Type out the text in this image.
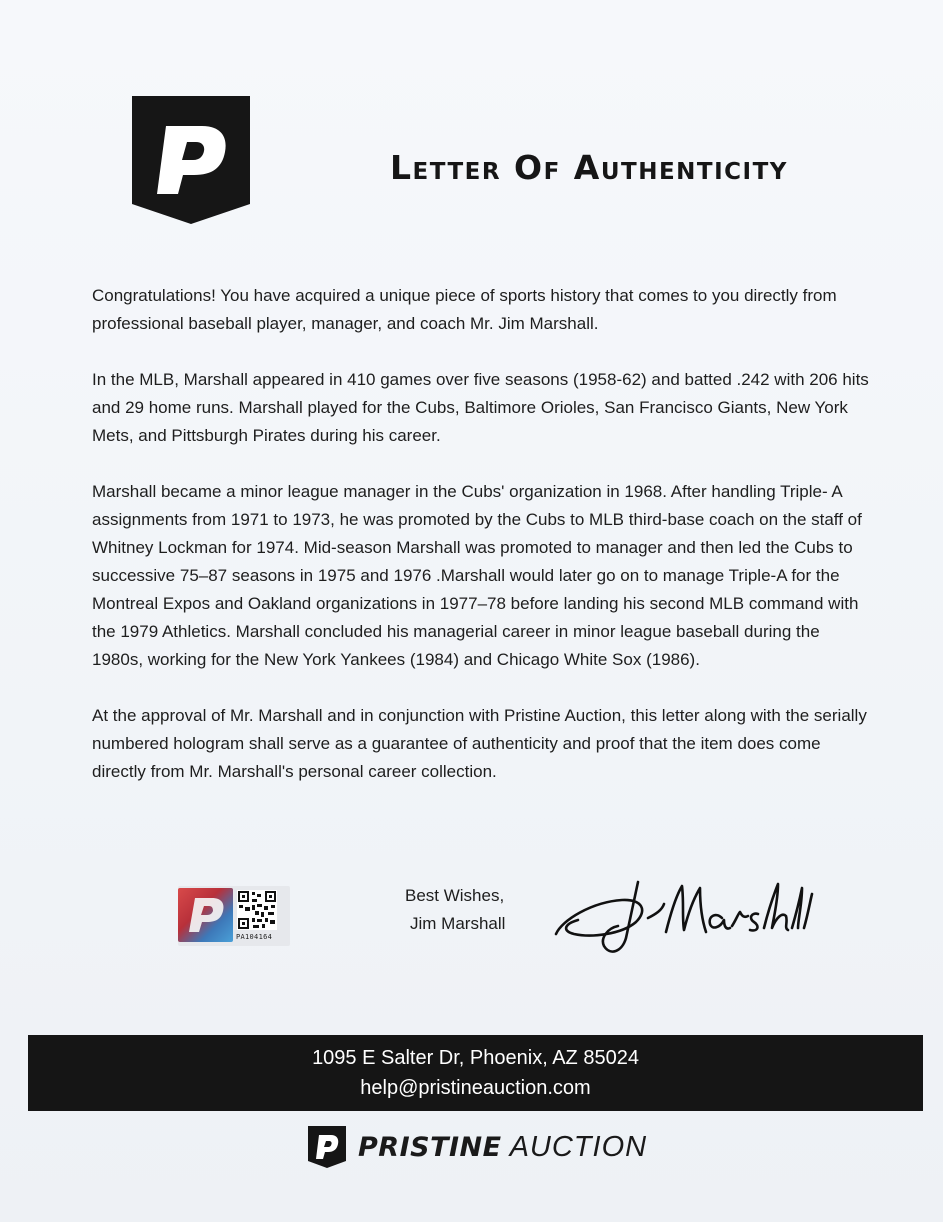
Letter Of Authenticity

Congratulations! You have acquired a unique piece of sports history that comes to you directly from professional baseball player, manager, and coach Mr. Jim Marshall.

In the MLB, Marshall appeared in 410 games over five seasons (1958-62) and batted .242 with 206 hits and 29 home runs. Marshall played for the Cubs, Baltimore Orioles, San Francisco Giants, New York Mets, and Pittsburgh Pirates during his career.

Marshall became a minor league manager in the Cubs' organization in 1968. After handling Triple- A assignments from 1971 to 1973, he was promoted by the Cubs to MLB third-base coach on the staff of Whitney Lockman for 1974. Mid-season Marshall was promoted to manager and then led the Cubs to successive 75–87 seasons in 1975 and 1976 .Marshall would later go on to manage Triple-A for the Montreal Expos and Oakland organizations in 1977–78 before landing his second MLB command with the 1979 Athletics. Marshall concluded his managerial career in minor league baseball during the 1980s, working for the New York Yankees (1984) and Chicago White Sox (1986).

At the approval of Mr. Marshall and in conjunction with Pristine Auction, this letter along with the serially numbered hologram shall serve as a guarantee of authenticity and proof that the item does come directly from Mr. Marshall's personal career collection.

PA104164
Best Wishes,
Jim Marshall
1095 E Salter Dr, Phoenix, AZ 85024
help@pristineauction.com
PRISTINE AUCTION
